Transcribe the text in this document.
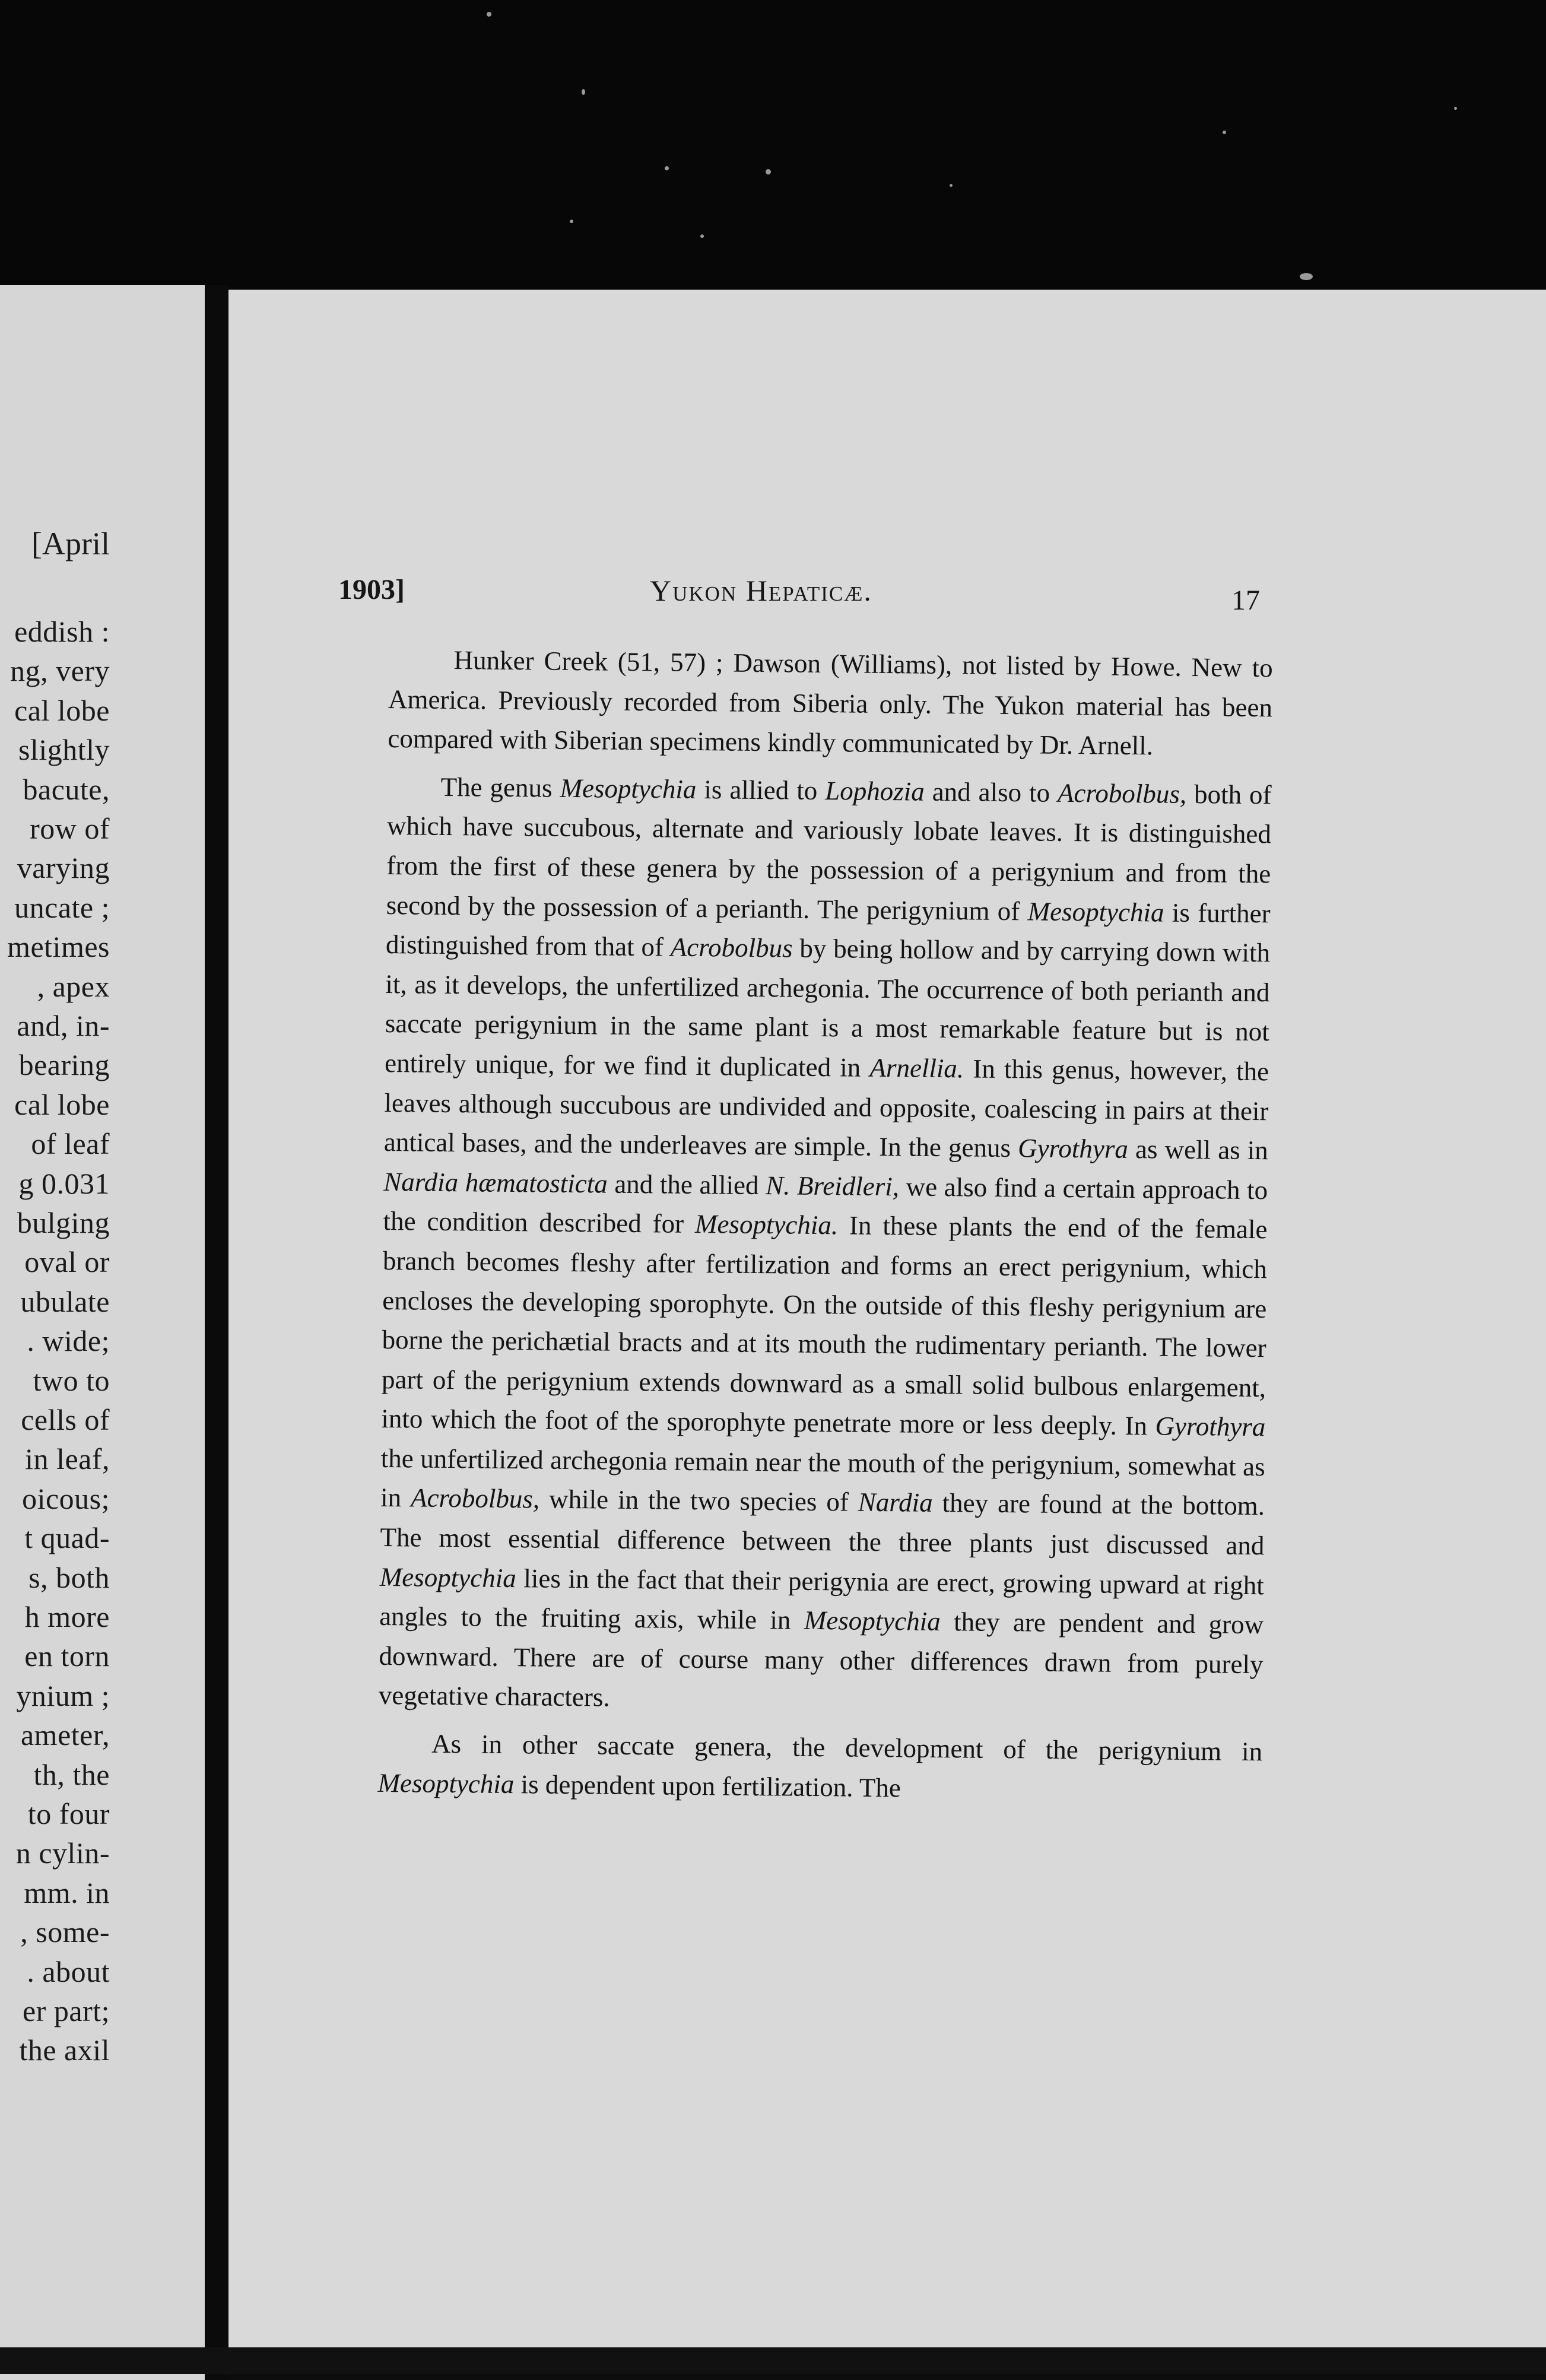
[April
eddish :
ng, very
cal lobe
slightly
bacute,
row of
varying
uncate ;
metimes
, apex
and, in-
bearing
cal lobe
of leaf
g 0.031
bulging
oval or
ubulate
. wide;
two to
cells of
in leaf,
oicous;
t quad-
s, both
h more
en torn
ynium ;
ameter,
th, the
to four
n cylin-
mm. in
, some-
. about
er part;
the axil
1903]	Yukon Hepaticæ.	17

Hunker Creek (51, 57) ; Dawson (Williams), not listed by Howe. New to America. Previously recorded from Siberia only. The Yukon material has been compared with Siberian specimens kindly communicated by Dr. Arnell.

The genus Mesoptychia is allied to Lophozia and also to Acrobolbus, both of which have succubous, alternate and variously lobate leaves. It is distinguished from the first of these genera by the possession of a perigynium and from the second by the possession of a perianth. The perigynium of Mesoptychia is further distinguished from that of Acrobolbus by being hollow and by carrying down with it, as it develops, the unfertilized archegonia. The occurrence of both perianth and saccate perigynium in the same plant is a most remarkable feature but is not entirely unique, for we find it duplicated in Arnellia. In this genus, however, the leaves although succubous are undivided and opposite, coalescing in pairs at their antical bases, and the underleaves are simple. In the genus Gyrothyra as well as in Nardia hæmatosticta and the allied N. Breidleri, we also find a certain approach to the condition described for Mesoptychia. In these plants the end of the female branch becomes fleshy after fertilization and forms an erect perigynium, which encloses the developing sporophyte. On the outside of this fleshy perigynium are borne the perichætial bracts and at its mouth the rudimentary perianth. The lower part of the perigynium extends downward as a small solid bulbous enlargement, into which the foot of the sporophyte penetrate more or less deeply. In Gyrothyra the unfertilized archegonia remain near the mouth of the perigynium, somewhat as in Acrobolbus, while in the two species of Nardia they are found at the bottom. The most essential difference between the three plants just discussed and Mesoptychia lies in the fact that their perigynia are erect, growing upward at right angles to the fruiting axis, while in Mesoptychia they are pendent and grow downward. There are of course many other differences drawn from purely vegetative characters.

As in other saccate genera, the development of the perigynium in Mesoptychia is dependent upon fertilization. The
